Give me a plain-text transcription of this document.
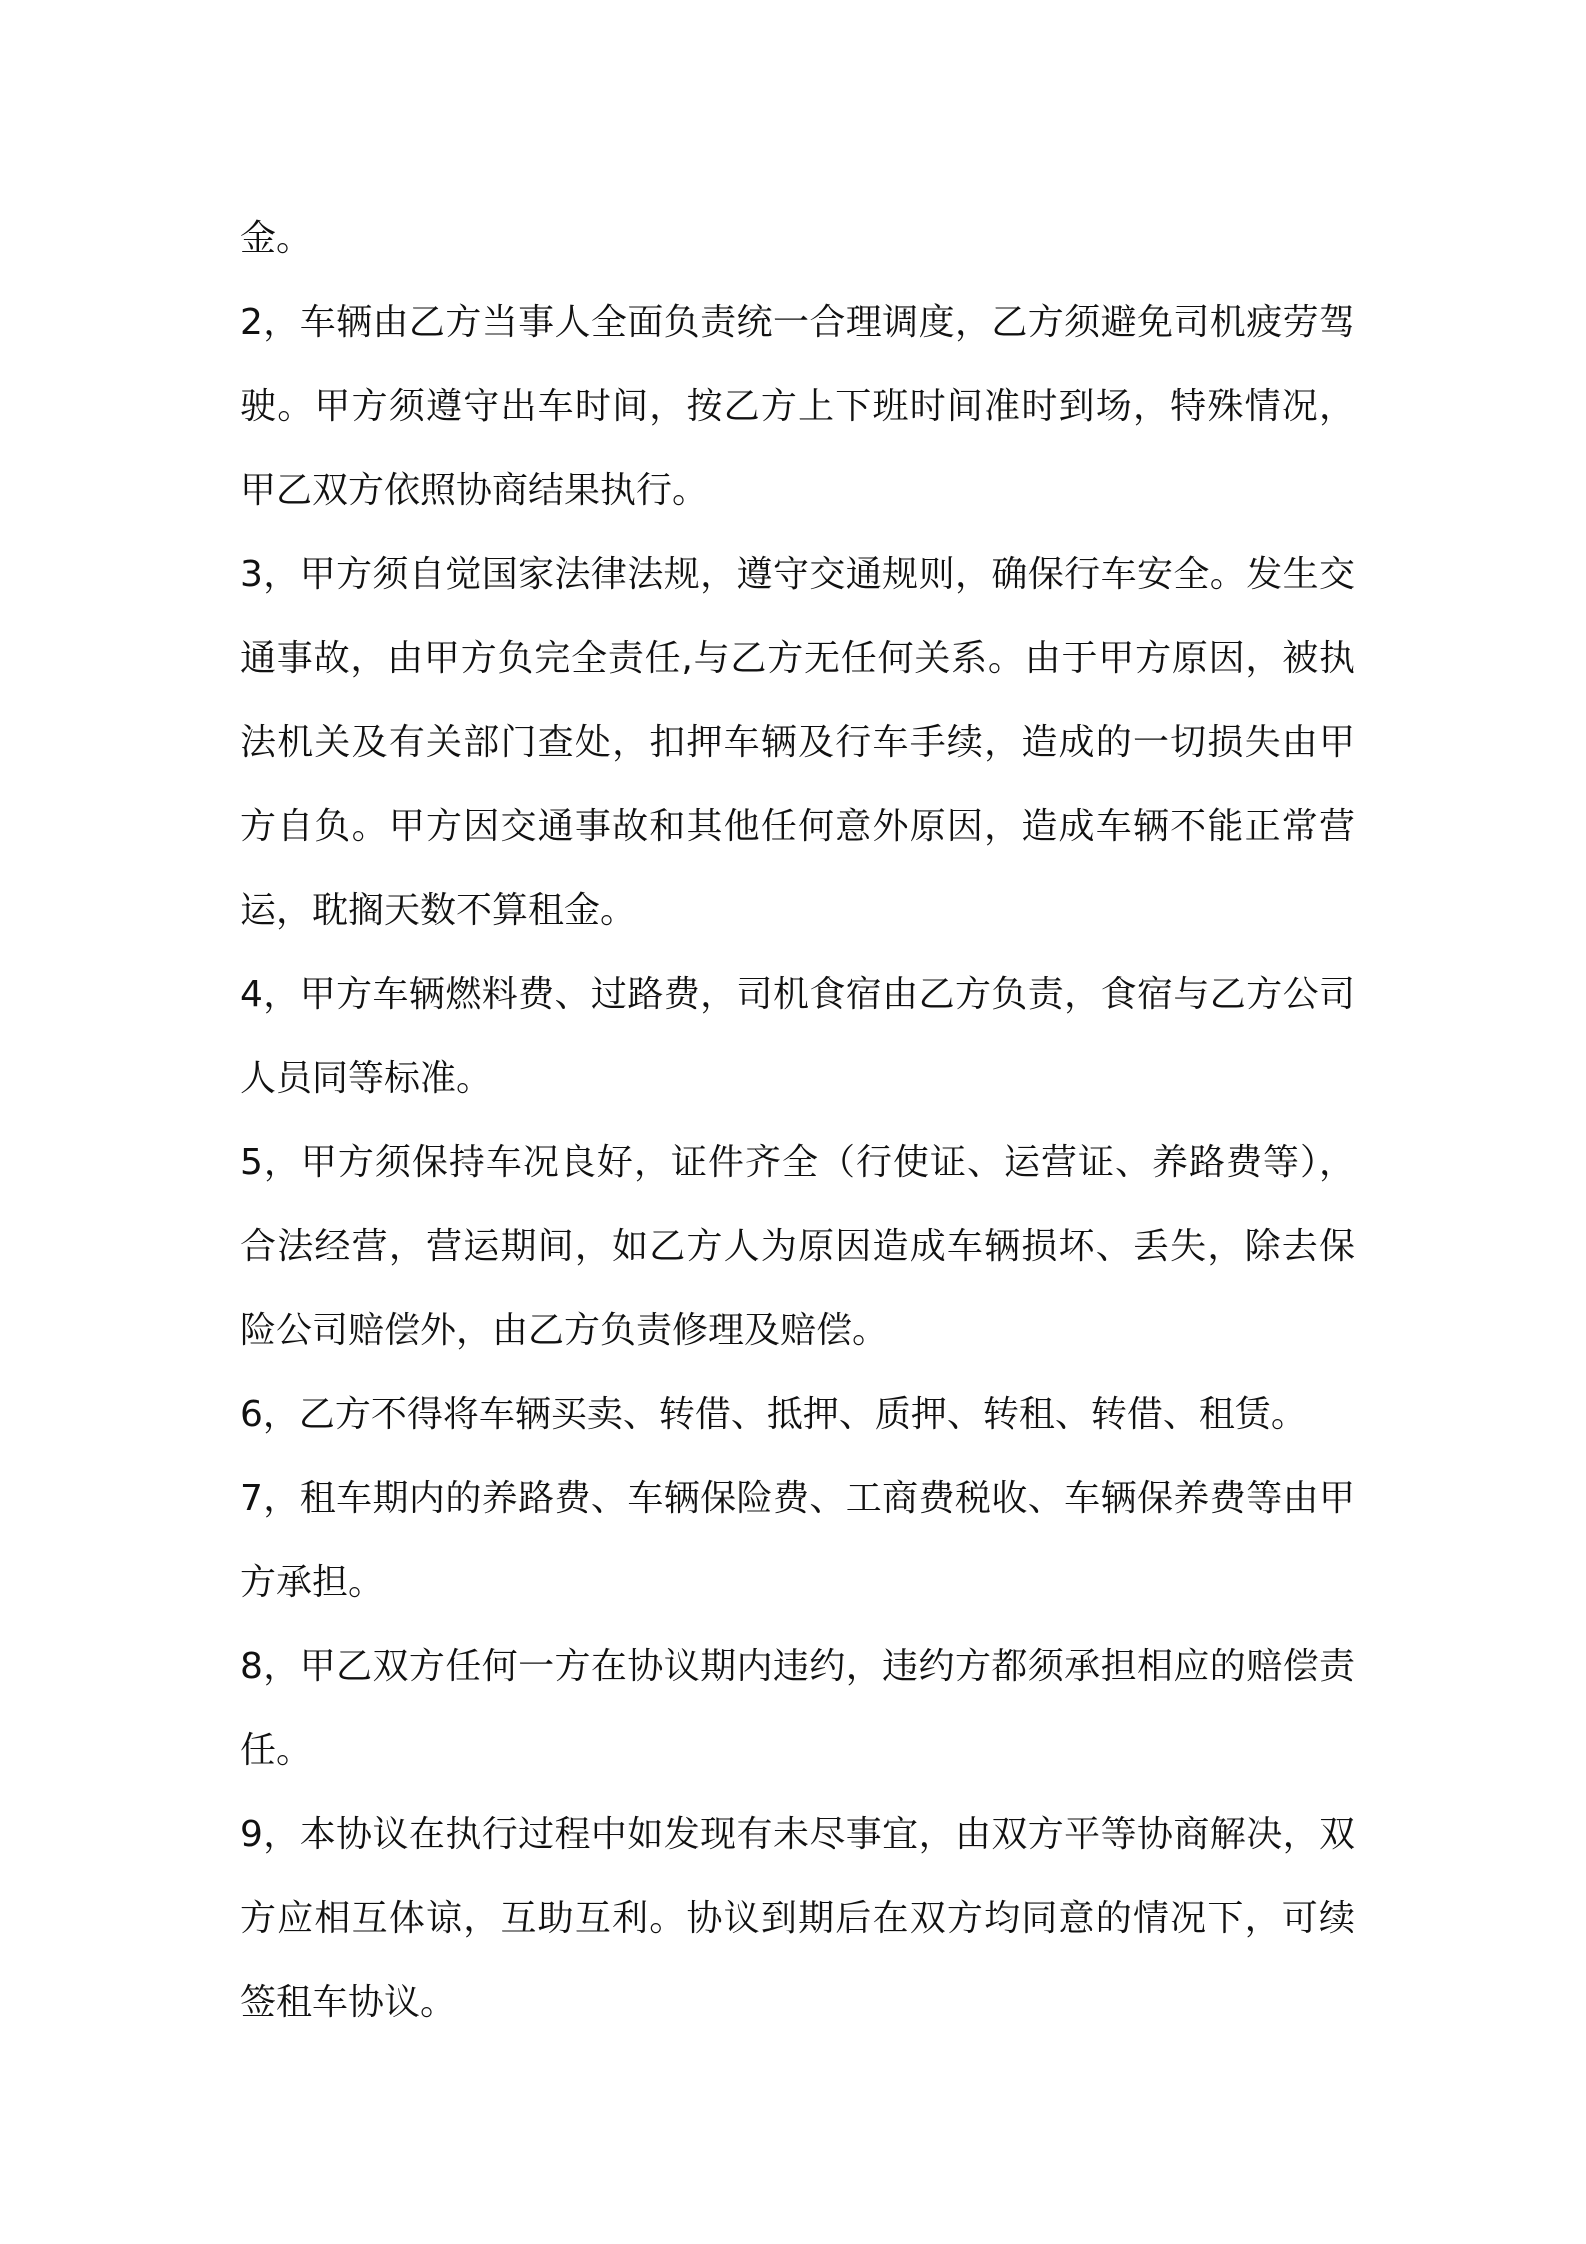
金。

2，车辆由乙方当事人全面负责统一合理调度，乙方须避免司机疲劳驾驶。甲方须遵守出车时间，按乙方上下班时间准时到场，特殊情况，甲乙双方依照协商结果执行。

3，甲方须自觉国家法律法规，遵守交通规则，确保行车安全。发生交通事故，由甲方负完全责任,与乙方无任何关系。由于甲方原因，被执法机关及有关部门查处，扣押车辆及行车手续，造成的一切损失由甲方自负。甲方因交通事故和其他任何意外原因，造成车辆不能正常营运，耽搁天数不算租金。

4，甲方车辆燃料费、过路费，司机食宿由乙方负责，食宿与乙方公司人员同等标准。

5，甲方须保持车况良好，证件齐全（行使证、运营证、养路费等），合法经营，营运期间，如乙方人为原因造成车辆损坏、丢失，除去保险公司赔偿外，由乙方负责修理及赔偿。

6，乙方不得将车辆买卖、转借、抵押、质押、转租、转借、租赁。

7，租车期内的养路费、车辆保险费、工商费税收、车辆保养费等由甲方承担。

8，甲乙双方任何一方在协议期内违约，违约方都须承担相应的赔偿责任。

9，本协议在执行过程中如发现有未尽事宜，由双方平等协商解决，双方应相互体谅，互助互利。协议到期后在双方均同意的情况下，可续签租车协议。
